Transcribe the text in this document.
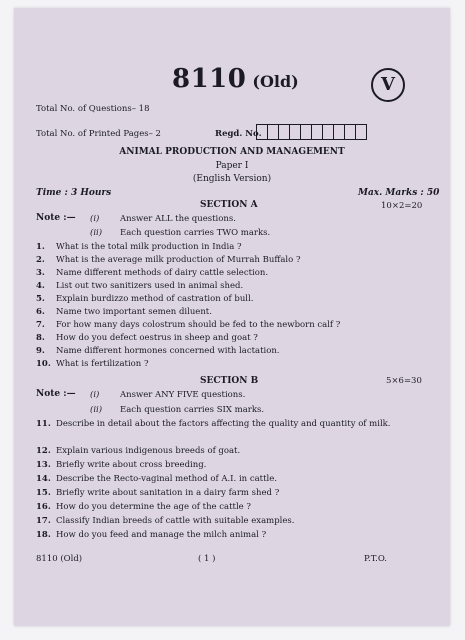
8110 (Old)	V
Total No. of Questions– 18
Total No. of Printed Pages– 2	Regd. No.
ANIMAL PRODUCTION AND MANAGEMENT
Paper I
(English Version)
Time : 3 Hours	Max. Marks : 50
SECTION A	10×2=20
Note :— (i) Answer ALL the questions.
(ii) Each question carries TWO marks.
1.	What is the total milk production in India ?
2.	What is the average milk production of Murrah Buffalo ?
3.	Name different methods of dairy cattle selection.
4.	List out two sanitizers used in animal shed.
5.	Explain burdizzo method of castration of bull.
6.	Name two important semen diluent.
7.	For how many days colostrum should be fed to the newborn calf ?
8.	How do you defect oestrus in sheep and goat ?
9.	Name different hormones concerned with lactation.
10. What is fertilization ?
SECTION B	5×6=30
Note :— (i) Answer ANY FIVE questions.
(ii) Each question carries SIX marks.
11. Describe in detail about the factors affecting the quality and quantity of milk.
12. Explain various indigenous breeds of goat.
13. Briefly write about cross breeding.
14. Describe the Recto-vaginal method of A.I. in cattle.
15. Briefly write about sanitation in a dairy farm shed ?
16. How do you determine the age of the cattle ?
17. Classify Indian breeds of cattle with suitable examples.
18. How do you feed and manage the milch animal ?
8110 (Old)	( 1 )	P.T.O.
